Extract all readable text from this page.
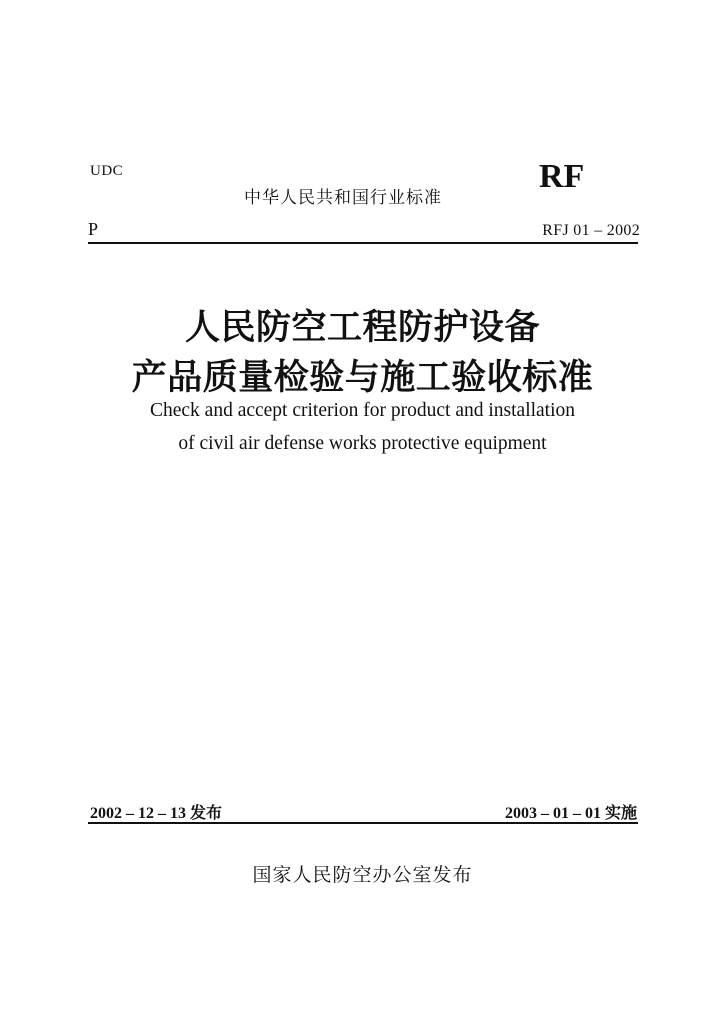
UDC
中华人民共和国行业标准
RF
P	RFJ 01 – 2002
人民防空工程防护设备
产品质量检验与施工验收标准
Check and accept criterion for product and installation
of civil air defense works protective equipment
2002 – 12 – 13 发布	2003 – 01 – 01 实施
国家人民防空办公室发布
